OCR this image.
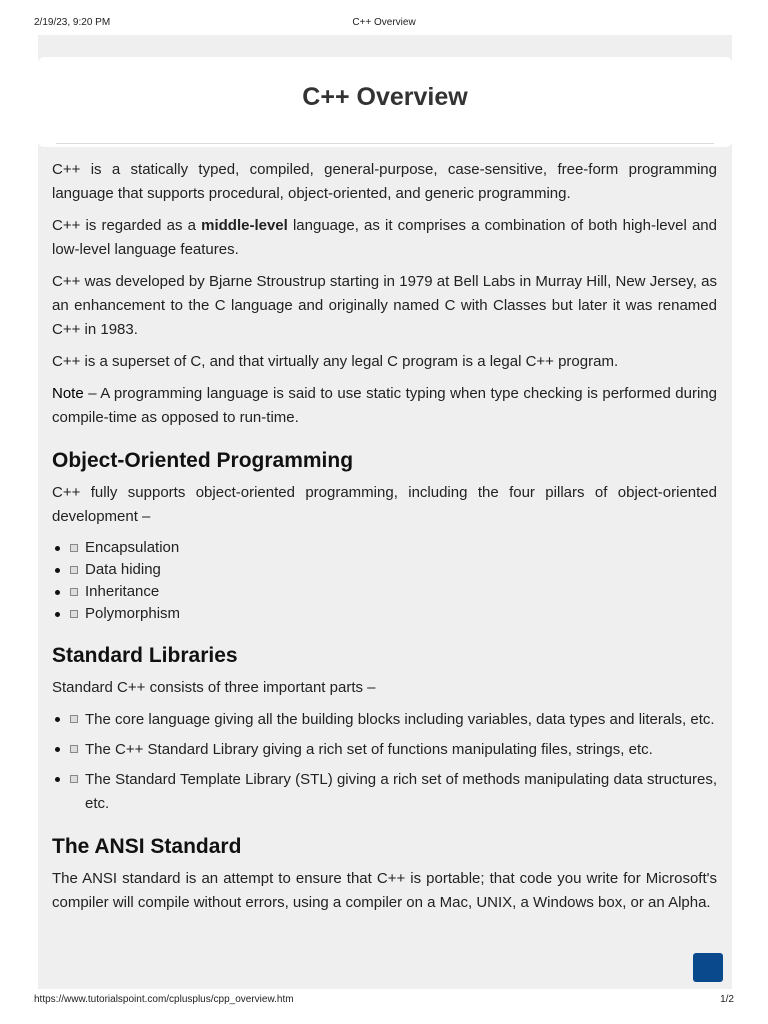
2/19/23, 9:20 PM	C++ Overview
C++ Overview

C++ is a statically typed, compiled, general-purpose, case-sensitive, free-form programming language that supports procedural, object-oriented, and generic programming.

C++ is regarded as a middle-level language, as it comprises a combination of both high-level and low-level language features.

C++ was developed by Bjarne Stroustrup starting in 1979 at Bell Labs in Murray Hill, New Jersey, as an enhancement to the C language and originally named C with Classes but later it was renamed C++ in 1983.

C++ is a superset of C, and that virtually any legal C program is a legal C++ program.

Note – A programming language is said to use static typing when type checking is performed during compile-time as opposed to run-time.

Object-Oriented Programming

C++ fully supports object-oriented programming, including the four pillars of object-oriented development –

Encapsulation
Data hiding
Inheritance
Polymorphism
Standard Libraries

Standard C++ consists of three important parts –

The core language giving all the building blocks including variables, data types and literals, etc.
The C++ Standard Library giving a rich set of functions manipulating files, strings, etc.
The Standard Template Library (STL) giving a rich set of methods manipulating data structures, etc.
The ANSI Standard

The ANSI standard is an attempt to ensure that C++ is portable; that code you write for Microsoft's compiler will compile without errors, using a compiler on a Mac, UNIX, a Windows box, or an Alpha.

https://www.tutorialspoint.com/cplusplus/cpp_overview.htm	1/2
